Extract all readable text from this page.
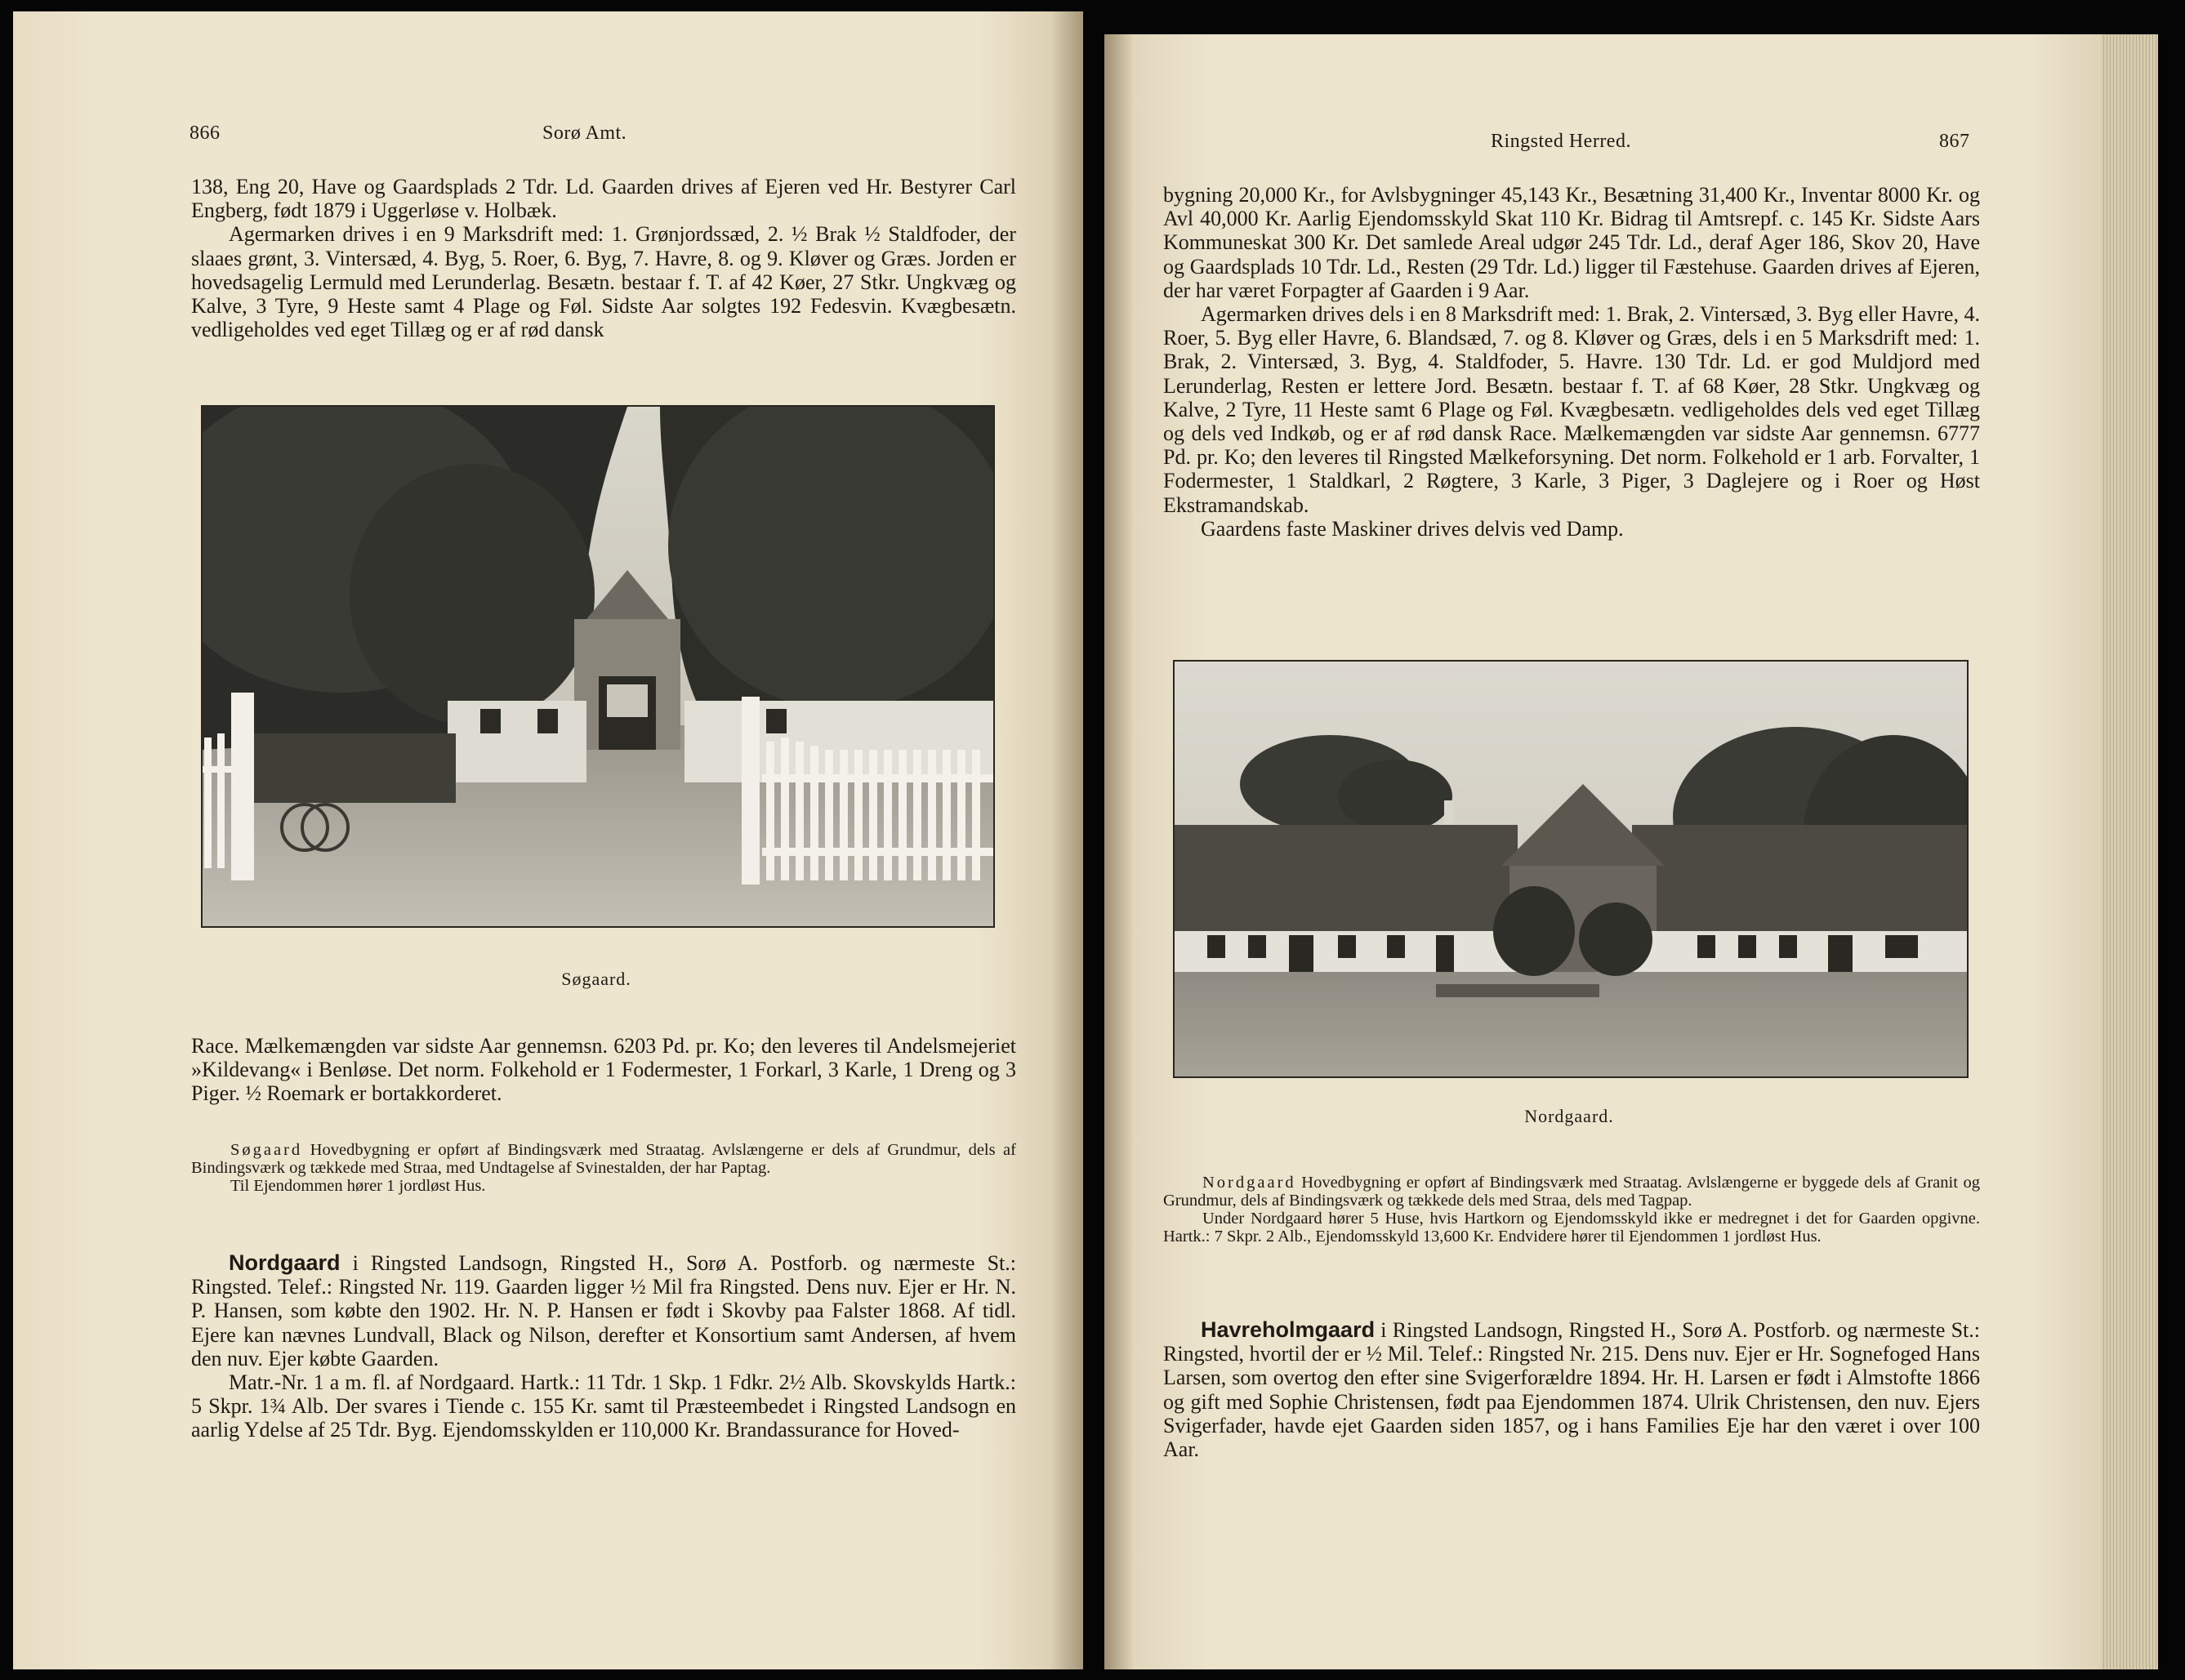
866	Sorø Amt.

138, Eng 20, Have og Gaardsplads 2 Tdr. Ld. Gaarden drives af Ejeren ved Hr. Bestyrer Carl Engberg, født 1879 i Uggerløse v. Holbæk.

Agermarken drives i en 9 Marksdrift med: 1. Grønjordssæd, 2. ½ Brak ½ Staldfoder, der slaaes grønt, 3. Vintersæd, 4. Byg, 5. Roer, 6. Byg, 7. Havre, 8. og 9. Kløver og Græs. Jorden er hovedsagelig Lermuld med Lerunderlag. Besætn. bestaar f. T. af 42 Køer, 27 Stkr. Ungkvæg og Kalve, 3 Tyre, 9 Heste samt 4 Plage og Føl. Sidste Aar solgtes 192 Fedesvin. Kvægbesætn. vedligeholdes ved eget Tillæg og er af rød dansk

Søgaard.

Race. Mælkemængden var sidste Aar gennemsn. 6203 Pd. pr. Ko; den leveres til Andelsmejeriet »Kildevang« i Benløse. Det norm. Folkehold er 1 Fodermester, 1 Forkarl, 3 Karle, 1 Dreng og 3 Piger. ½ Roemark er bortakkorderet.

Søgaard Hovedbygning er opført af Bindingsværk med Straatag. Avlslængerne er dels af Grundmur, dels af Bindingsværk og tækkede med Straa, med Undtagelse af Svinestalden, der har Paptag.

Til Ejendommen hører 1 jordløst Hus.

Nordgaard i Ringsted Landsogn, Ringsted H., Sorø A. Postforb. og nærmeste St.: Ringsted. Telef.: Ringsted Nr. 119. Gaarden ligger ½ Mil fra Ringsted. Dens nuv. Ejer er Hr. N. P. Hansen, som købte den 1902. Hr. N. P. Hansen er født i Skovby paa Falster 1868. Af tidl. Ejere kan nævnes Lundvall, Black og Nilson, derefter et Konsortium samt Andersen, af hvem den nuv. Ejer købte Gaarden.

Matr.-Nr. 1 a m. fl. af Nordgaard. Hartk.: 11 Tdr. 1 Skp. 1 Fdkr. 2½ Alb. Skovskylds Hartk.: 5 Skpr. 1¾ Alb. Der svares i Tiende c. 155 Kr. samt til Præsteembedet i Ringsted Landsogn en aarlig Ydelse af 25 Tdr. Byg. Ejendomsskylden er 110,000 Kr. Brandassurance for Hoved-

Ringsted Herred.	867

bygning 20,000 Kr., for Avlsbygninger 45,143 Kr., Besætning 31,400 Kr., Inventar 8000 Kr. og Avl 40,000 Kr. Aarlig Ejendomsskyld Skat 110 Kr. Bidrag til Amtsrepf. c. 145 Kr. Sidste Aars Kommuneskat 300 Kr. Det samlede Areal udgør 245 Tdr. Ld., deraf Ager 186, Skov 20, Have og Gaardsplads 10 Tdr. Ld., Resten (29 Tdr. Ld.) ligger til Fæstehuse. Gaarden drives af Ejeren, der har været Forpagter af Gaarden i 9 Aar.

Agermarken drives dels i en 8 Marksdrift med: 1. Brak, 2. Vintersæd, 3. Byg eller Havre, 4. Roer, 5. Byg eller Havre, 6. Blandsæd, 7. og 8. Kløver og Græs, dels i en 5 Marksdrift med: 1. Brak, 2. Vintersæd, 3. Byg, 4. Staldfoder, 5. Havre. 130 Tdr. Ld. er god Muldjord med Lerunderlag, Resten er lettere Jord. Besætn. bestaar f. T. af 68 Køer, 28 Stkr. Ungkvæg og Kalve, 2 Tyre, 11 Heste samt 6 Plage og Føl. Kvægbesætn. vedligeholdes dels ved eget Tillæg og dels ved Indkøb, og er af rød dansk Race. Mælkemængden var sidste Aar gennemsn. 6777 Pd. pr. Ko; den leveres til Ringsted Mælkeforsyning. Det norm. Folkehold er 1 arb. Forvalter, 1 Fodermester, 1 Staldkarl, 2 Røgtere, 3 Karle, 3 Piger, 3 Daglejere og i Roer og Høst Ekstramandskab.

Gaardens faste Maskiner drives delvis ved Damp.

Nordgaard.

Nordgaard Hovedbygning er opført af Bindingsværk med Straatag. Avlslængerne er byggede dels af Granit og Grundmur, dels af Bindingsværk og tækkede dels med Straa, dels med Tagpap.

Under Nordgaard hører 5 Huse, hvis Hartkorn og Ejendomsskyld ikke er medregnet i det for Gaarden opgivne. Hartk.: 7 Skpr. 2 Alb., Ejendomsskyld 13,600 Kr. Endvidere hører til Ejendommen 1 jordløst Hus.

Havreholmgaard i Ringsted Landsogn, Ringsted H., Sorø A. Postforb. og nærmeste St.: Ringsted, hvortil der er ½ Mil. Telef.: Ringsted Nr. 215. Dens nuv. Ejer er Hr. Sognefoged Hans Larsen, som overtog den efter sine Svigerforældre 1894. Hr. H. Larsen er født i Almstofte 1866 og gift med Sophie Christensen, født paa Ejendommen 1874. Ulrik Christensen, den nuv. Ejers Svigerfader, havde ejet Gaarden siden 1857, og i hans Families Eje har den været i over 100 Aar.
